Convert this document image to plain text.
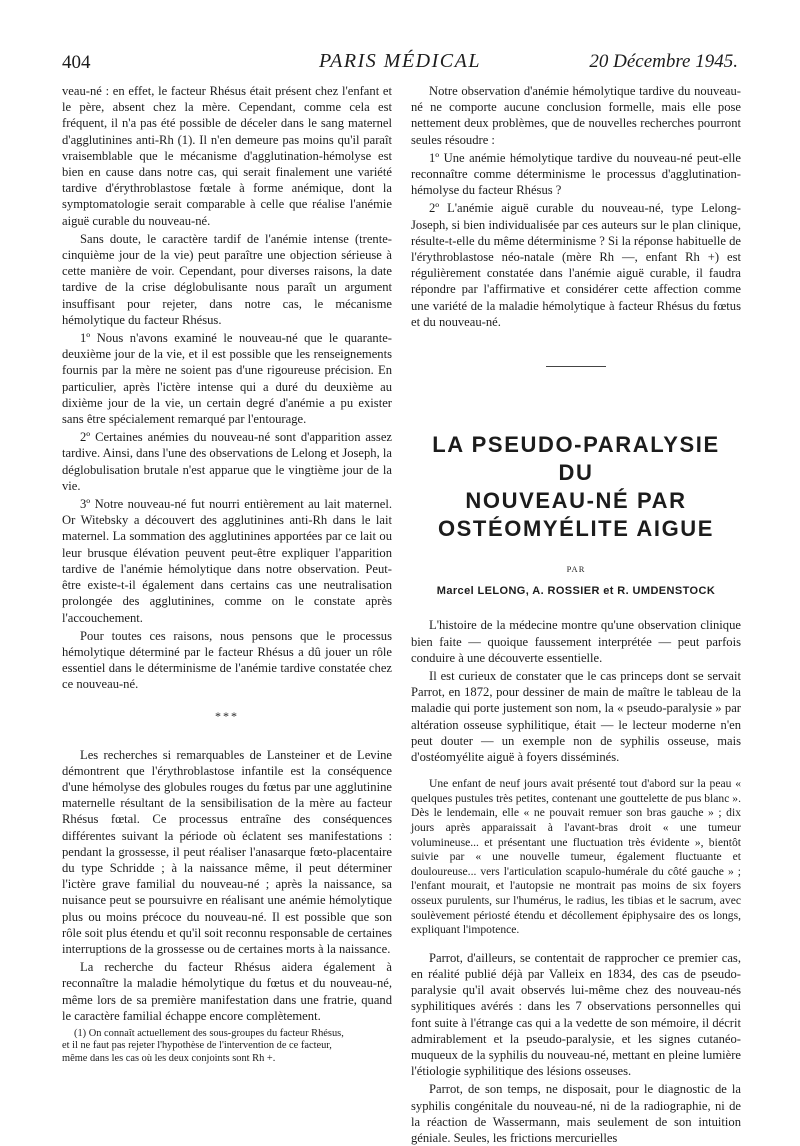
404	PARIS MÉDICAL	20 Décembre 1945.

veau-né : en effet, le facteur Rhésus était présent chez l'enfant et le père, absent chez la mère. Cependant, comme cela est fréquent, il n'a pas été possible de déceler dans le sang maternel d'agglutinines anti-Rh (1). Il n'en demeure pas moins qu'il paraît vraisemblable que le mécanisme d'agglutination-hémolyse est bien en cause dans notre cas, qui serait finalement une variété tardive d'érythroblastose fœtale à forme anémique, dont la symptomatologie serait comparable à celle que réalise l'anémie aiguë curable du nouveau-né.

Sans doute, le caractère tardif de l'anémie intense (trente-cinquième jour de la vie) peut paraître une objection sérieuse à cette manière de voir. Cependant, pour diverses raisons, la date tardive de la crise déglobulisante nous paraît un argument insuffisant pour rejeter, dans notre cas, le mécanisme hémolytique du facteur Rhésus.

1º Nous n'avons examiné le nouveau-né que le quarante-deuxième jour de la vie, et il est possible que les renseignements fournis par la mère ne soient pas d'une rigoureuse précision. En particulier, après l'ictère intense qui a duré du deuxième au dixième jour de la vie, un certain degré d'anémie a pu exister sans être spécialement remarqué par l'entourage.

2º Certaines anémies du nouveau-né sont d'apparition assez tardive. Ainsi, dans l'une des observations de Lelong et Joseph, la déglobulisation brutale n'est apparue que le vingtième jour de la vie.

3º Notre nouveau-né fut nourri entièrement au lait maternel. Or Witebsky a découvert des agglutinines anti-Rh dans le lait maternel. La sommation des agglutinines apportées par ce lait ou leur brusque élévation peuvent peut-être expliquer l'apparition tardive de l'anémie hémolytique dans notre observation. Peut-être existe-t-il également dans certains cas une neutralisation prolongée des agglutinines, comme on le constate après l'accouchement.

Pour toutes ces raisons, nous pensons que le processus hémolytique déterminé par le facteur Rhésus a dû jouer un rôle essentiel dans le déterminisme de l'anémie tardive constatée chez ce nouveau-né.

***

Les recherches si remarquables de Lansteiner et de Levine démontrent que l'érythroblastose infantile est la conséquence d'une hémolyse des globules rouges du fœtus par une agglutinine maternelle résultant de la sensibilisation de la mère au facteur Rhésus fœtal. Ce processus entraîne des conséquences différentes suivant la période où éclatent ses manifestations : pendant la grossesse, il peut réaliser l'anasarque fœto-placentaire du type Schridde ; à la naissance même, il peut déterminer l'ictère grave familial du nouveau-né ; après la naissance, sa nuisance peut se poursuivre en réalisant une anémie hémolytique plus ou moins précoce du nouveau-né. Il est possible que son rôle soit plus étendu et qu'il soit reconnu responsable de certaines interruptions de la grossesse ou de certaines morts à la naissance.

La recherche du facteur Rhésus aidera également à reconnaître la maladie hémolytique du fœtus et du nouveau-né, même lors de sa première manifestation dans une fratrie, quand le caractère familial échappe encore complètement.

(1) On connaît actuellement des sous-groupes du facteur Rhésus,
et il ne faut pas rejeter l'hypothèse de l'intervention de ce facteur,
même dans les cas où les deux conjoints sont Rh +.

Notre observation d'anémie hémolytique tardive du nouveau-né ne comporte aucune conclusion formelle, mais elle pose nettement deux problèmes, que de nouvelles recherches pourront seules résoudre :

1º Une anémie hémolytique tardive du nouveau-né peut-elle reconnaître comme déterminisme le processus d'agglutination-hémolyse du facteur Rhésus ?

2º L'anémie aiguë curable du nouveau-né, type Lelong-Joseph, si bien individualisée par ces auteurs sur le plan clinique, résulte-t-elle du même déterminisme ? Si la réponse habituelle de l'érythroblastose néo-natale (mère Rh —, enfant Rh +) est régulièrement constatée dans l'anémie aiguë curable, il faudra répondre par l'affirmative et considérer cette affection comme une variété de la maladie hémolytique à facteur Rhésus du fœtus et du nouveau-né.

LA PSEUDO-PARALYSIE DU
NOUVEAU-NÉ PAR
OSTÉOMYÉLITE AIGUE
PAR
Marcel LELONG, A. ROSSIER et R. UMDENSTOCK

L'histoire de la médecine montre qu'une observation clinique bien faite — quoique faussement interprétée — peut parfois conduire à une découverte essentielle.

Il est curieux de constater que le cas princeps dont se servait Parrot, en 1872, pour dessiner de main de maître le tableau de la maladie qui porte justement son nom, la « pseudo-paralysie » par altération osseuse syphilitique, était — le lecteur moderne n'en peut douter — un exemple non de syphilis osseuse, mais d'ostéomyélite aiguë à foyers disséminés.

Une enfant de neuf jours avait présenté tout d'abord sur la peau « quelques pustules très petites, contenant une gouttelette de pus blanc ». Dès le lendemain, elle « ne pouvait remuer son bras gauche » ; dix jours après apparaissait à l'avant-bras droit « une tumeur volumineuse... et présentant une fluctuation très évidente », bientôt suivie par « une nouvelle tumeur, également fluctuante et douloureuse... vers l'articulation scapulo-humérale du côté gauche » ; l'enfant mourait, et l'autopsie ne montrait pas moins de six foyers osseux purulents, sur l'humérus, le radius, les tibias et le sacrum, avec soulèvement périosté étendu et décollement épiphysaire des os longs, expliquant l'impotence.

Parrot, d'ailleurs, se contentait de rapprocher ce premier cas, en réalité publié déjà par Valleix en 1834, des cas de pseudo-paralysie qu'il avait observés lui-même chez des nouveau-nés syphilitiques avérés : dans les 7 observations personnelles qui font suite à l'étrange cas qui a la vedette de son mémoire, il décrit admirablement et la pseudo-paralysie, et les signes cutanéo-muqueux de la syphilis du nouveau-né, mettant en pleine lumière l'étiologie syphilitique des lésions osseuses.

Parrot, de son temps, ne disposait, pour le diagnostic de la syphilis congénitale du nouveau-né, ni de la radiographie, ni de la réaction de Wassermann, mais seulement de son intuition géniale. Seules, les frictions mercurielles
